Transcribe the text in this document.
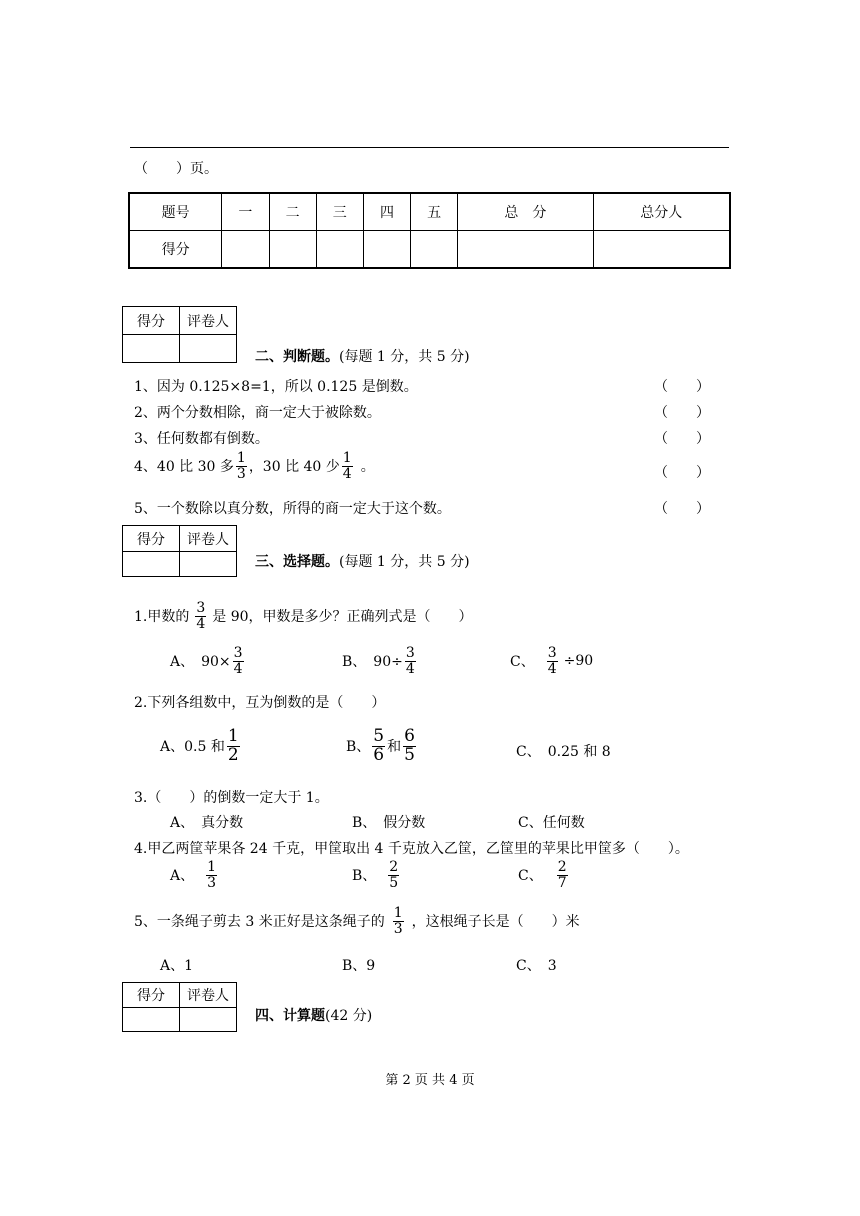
（　　）页。
题号	一	二	三	四	五	总　分	总分人
得分							
得分	评卷人

二、判断题。(每题 1 分，共 5 分)
1、因为 0.125×8=1，所以 0.125 是倒数。	（　　）
2、两个分数相除，商一定大于被除数。	（　　）
3、任何数都有倒数。	（　　）
4、40 比 30 多 $\frac{1}{3}$ ，30 比 40 少 $\frac{1}{4}$ 。	（　　）
5、一个数除以真分数，所得的商一定大于这个数。	（　　）
得分	评卷人

三、选择题。(每题 1 分，共 5 分)
1.甲数的 $\frac{3}{4}$ 是 90，甲数是多少？正确列式是（　　）
A、　$90\times \frac{3}{4}$	B、　$90\div \frac{3}{4}$	C、 $\frac{3}{4} \div 90$
2.下列各组数中，互为倒数的是（　　）
A、0.5 和 $\frac{1}{2}$	B、 $\frac{5}{6}$ 和 $\frac{6}{5}$	C、　0.25 和 8
3.（　　）的倒数一定大于 1。
A、　真分数	B、　假分数	C、任何数
4.甲乙两筐苹果各 24 千克，甲筐取出 4 千克放入乙筐，乙筐里的苹果比甲筐多（　　）。
A、 $\frac{1}{3}$	B、 $\frac{2}{5}$	C、 $\frac{2}{7}$
5、一条绳子剪去 3 米正好是这条绳子的 $\frac{1}{3}$ ，这根绳子长是（　　）米
A、1	B、9	C、　3
得分	评卷人

四、计算题(42 分)
第 2 页 共 4 页
